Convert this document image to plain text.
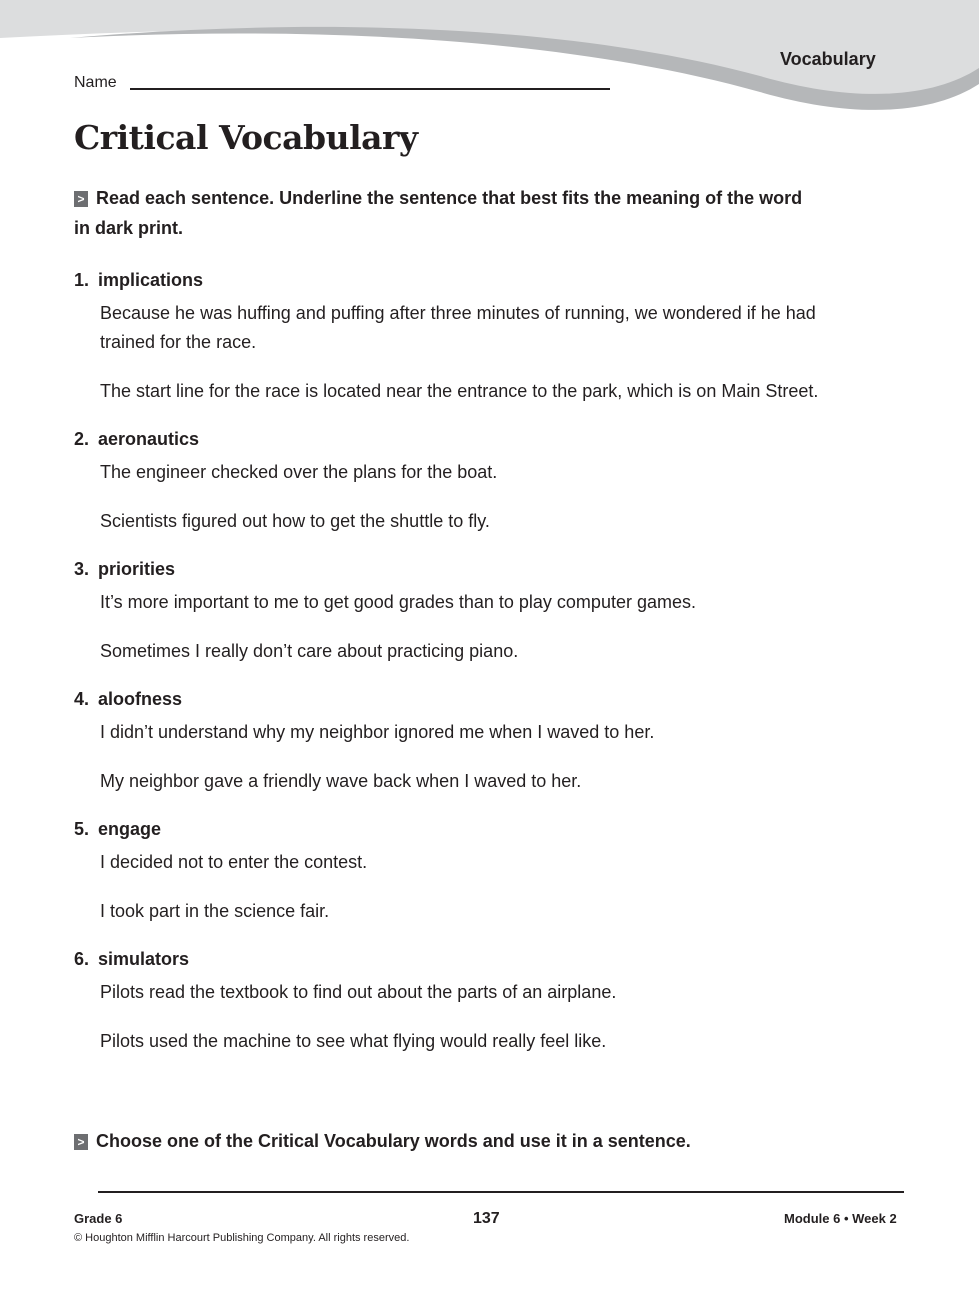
Vocabulary
Name
Critical Vocabulary
> Read each sentence. Underline the sentence that best fits the meaning of the word in dark print.
1. implications
Because he was huffing and puffing after three minutes of running, we wondered if he had trained for the race.
The start line for the race is located near the entrance to the park, which is on Main Street.
2. aeronautics
The engineer checked over the plans for the boat.
Scientists figured out how to get the shuttle to fly.
3. priorities
It’s more important to me to get good grades than to play computer games.
Sometimes I really don’t care about practicing piano.
4. aloofness
I didn’t understand why my neighbor ignored me when I waved to her.
My neighbor gave a friendly wave back when I waved to her.
5. engage
I decided not to enter the contest.
I took part in the science fair.
6. simulators
Pilots read the textbook to find out about the parts of an airplane.
Pilots used the machine to see what flying would really feel like.
> Choose one of the Critical Vocabulary words and use it in a sentence.
Grade 6	137	Module 6 • Week 2
© Houghton Mifflin Harcourt Publishing Company. All rights reserved.
